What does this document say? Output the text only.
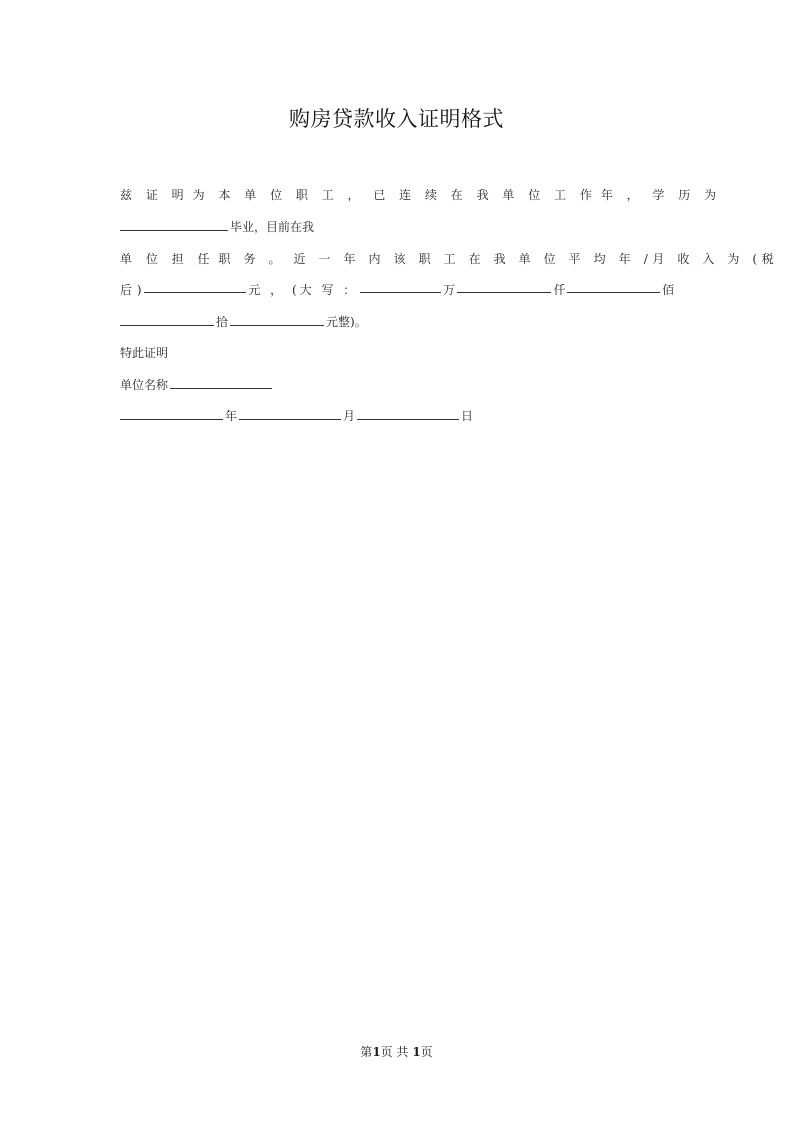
购房贷款收入证明格式
兹 证 明 为 本 单 位 职 工 ， 已 连 续 在 我 单 位 工 作 年 ， 学 历 为
毕业，目前在我
单 位 担 任 职 务 。 近 一 年 内 该 职 工 在 我 单 位 平 均 年 /月 收 入 为 (税
后 )	元 ， (大 写 ：	万	仟	佰
拾	元整)。
特此证明
单位名称
年	月	日
第1页 共 1页
